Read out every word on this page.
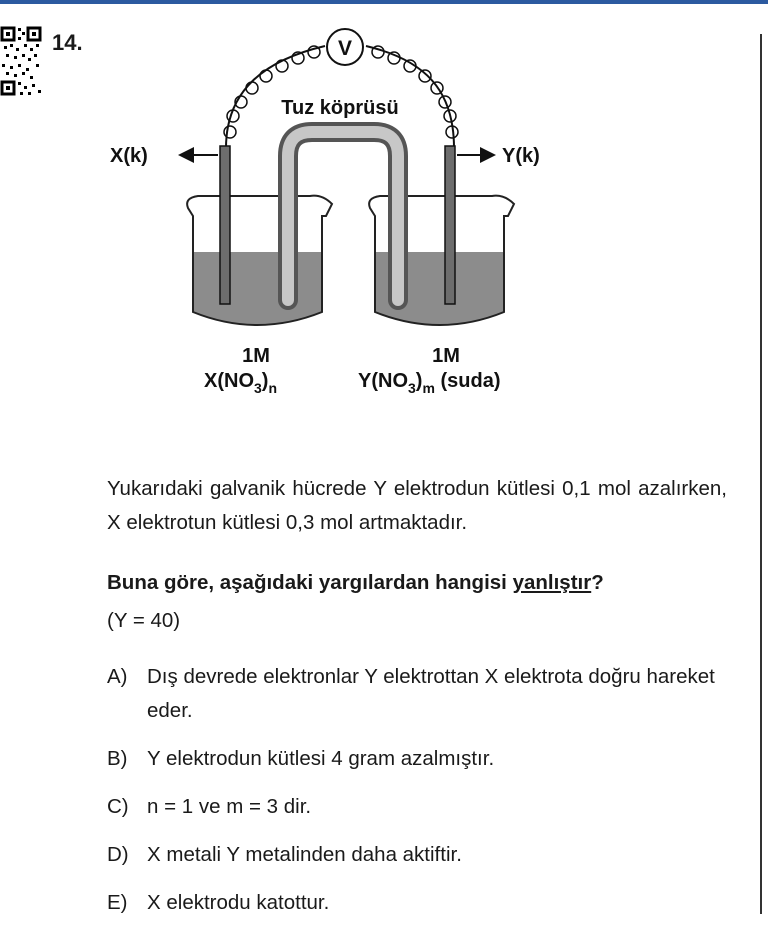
14.	V
Tuz köprüsü
X(k)	Y(k)
1M	1M
$X(NO_3)_n$	$Y(NO_3)_m$ (suda)
Yukarıdaki galvanik hücrede Y elektrodun kütlesi 0,1 mol azalırken, X elektrotun kütlesi 0,3 mol artmaktadır.
Buna göre, aşağıdaki yargılardan hangisi yanlıştır?
(Y = 40)
A) Dış devrede elektronlar Y elektrottan X elektrota doğru hareket eder.
B) Y elektrodun kütlesi 4 gram azalmıştır.
C) n = 1 ve m = 3 dir.
D) X metali Y metalinden daha aktiftir.
E) X elektrodu katottur.
